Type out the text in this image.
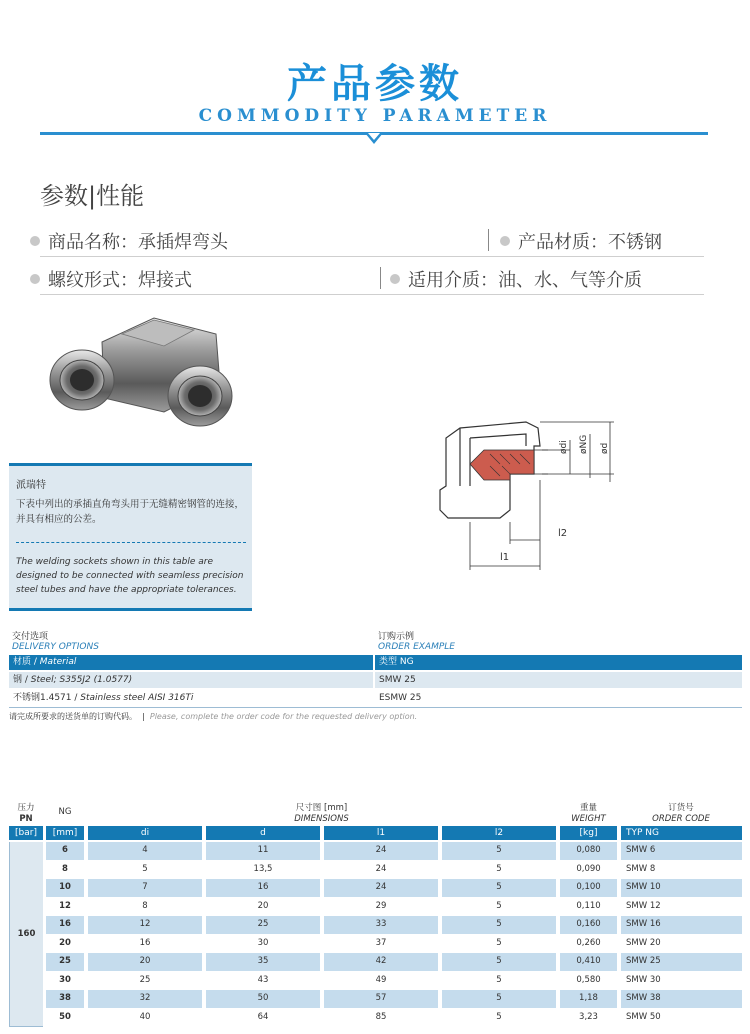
产品参数
COMMODITY PARAMETER
参数|性能
商品名称：承插焊弯头	产品材质：不锈钢
螺纹形式：焊接式	适用介质：油、水、气等介质
ødi øNG ød
l2
l1
派瑞特
下表中列出的承插直角弯头用于无缝精密钢管的连接，并具有相应的公差。
The welding sockets shown in this table are designed to be connected with seamless precision steel tubes and have the appropriate tolerances.
交付选项
DELIVERY OPTIONS
订购示例
ORDER EXAMPLE
材质 / Material	类型 NG
钢 / Steel; S355J2 (1.0577)	SMW 25
不锈钢1.4571 / Stainless steel AISI 316Ti	ESMW 25
请完成所要求的送货单的订购代码。  |  Please, complete the order code for the requested delivery option.
压力
PN
NG	尺寸图 [mm]
DIMENSIONS
重量
WEIGHT
订货号
ORDER CODE
[bar]	[mm]	di	d	l1	l2	[kg]	TYP NG
160
6	4	11	24	5	0,080	SMW 6
8	5	13,5	24	5	0,090	SMW 8
10	7	16	24	5	0,100	SMW 10
12	8	20	29	5	0,110	SMW 12
16	12	25	33	5	0,160	SMW 16
20	16	30	37	5	0,260	SMW 20
25	20	35	42	5	0,410	SMW 25
30	25	43	49	5	0,580	SMW 30
38	32	50	57	5	1,18	SMW 38
50	40	64	85	5	3,23	SMW 50
